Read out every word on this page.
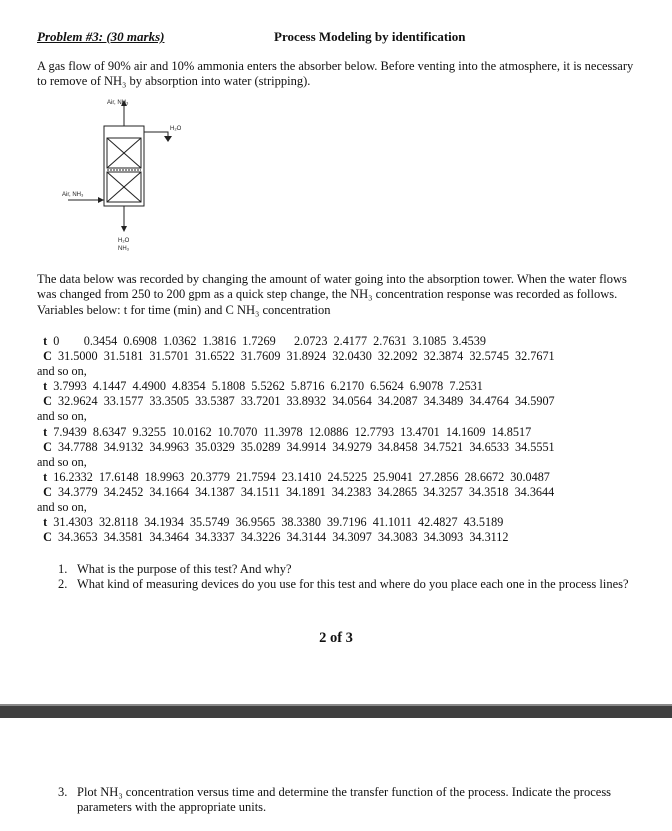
Problem #3: (30 marks)	Process Modeling by identification
A gas flow of 90% air and 10% ammonia enters the absorber below. Before venting into the atmosphere, it is necessary to remove of NH₃ by absorption into water (stripping).
Air, NH₃
H₂O
Air, NH₃
H₂O
NH₃
The data below was recorded by changing the amount of water going into the absorption tower. When the water flows was changed from 250 to 200 gpm as a quick step change, the NH₃ concentration response was recorded as follows. Variables below: t for time (min) and C NH₃ concentration
t 0        0.3454  0.6908  1.0362  1.3816  1.7269      2.0723  2.4177  2.7631  3.1085  3.4539
C 31.5000  31.5181  31.5701  31.6522  31.7609  31.8924  32.0430  32.2092  32.3874  32.5745  32.7671
and so on,
t 3.7993  4.1447  4.4900  4.8354  5.1808  5.5262  5.8716  6.2170  6.5624  6.9078  7.2531
C 32.9624  33.1577  33.3505  33.5387  33.7201  33.8932  34.0564  34.2087  34.3489  34.4764  34.5907
and so on,
t 7.9439  8.6347  9.3255  10.0162  10.7070  11.3978  12.0886  12.7793  13.4701  14.1609  14.8517
C 34.7788  34.9132  34.9963  35.0329  35.0289  34.9914  34.9279  34.8458  34.7521  34.6533  34.5551
and so on,
t 16.2332  17.6148  18.9963  20.3779  21.7594  23.1410  24.5225  25.9041  27.2856  28.6672  30.0487
C 34.3779  34.2452  34.1664  34.1387  34.1511  34.1891  34.2383  34.2865  34.3257  34.3518  34.3644
and so on,
t 31.4303  32.8118  34.1934  35.5749  36.9565  38.3380  39.7196  41.1011  42.4827  43.5189
C 34.3653  34.3581  34.3464  34.3337  34.3226  34.3144  34.3097  34.3083  34.3093  34.3112
1. What is the purpose of this test? And why?
2. What kind of measuring devices do you use for this test and where do you place each one in the process lines?
2 of 3
3. Plot NH₃ concentration versus time and determine the transfer function of the process. Indicate the process parameters with the appropriate units.
